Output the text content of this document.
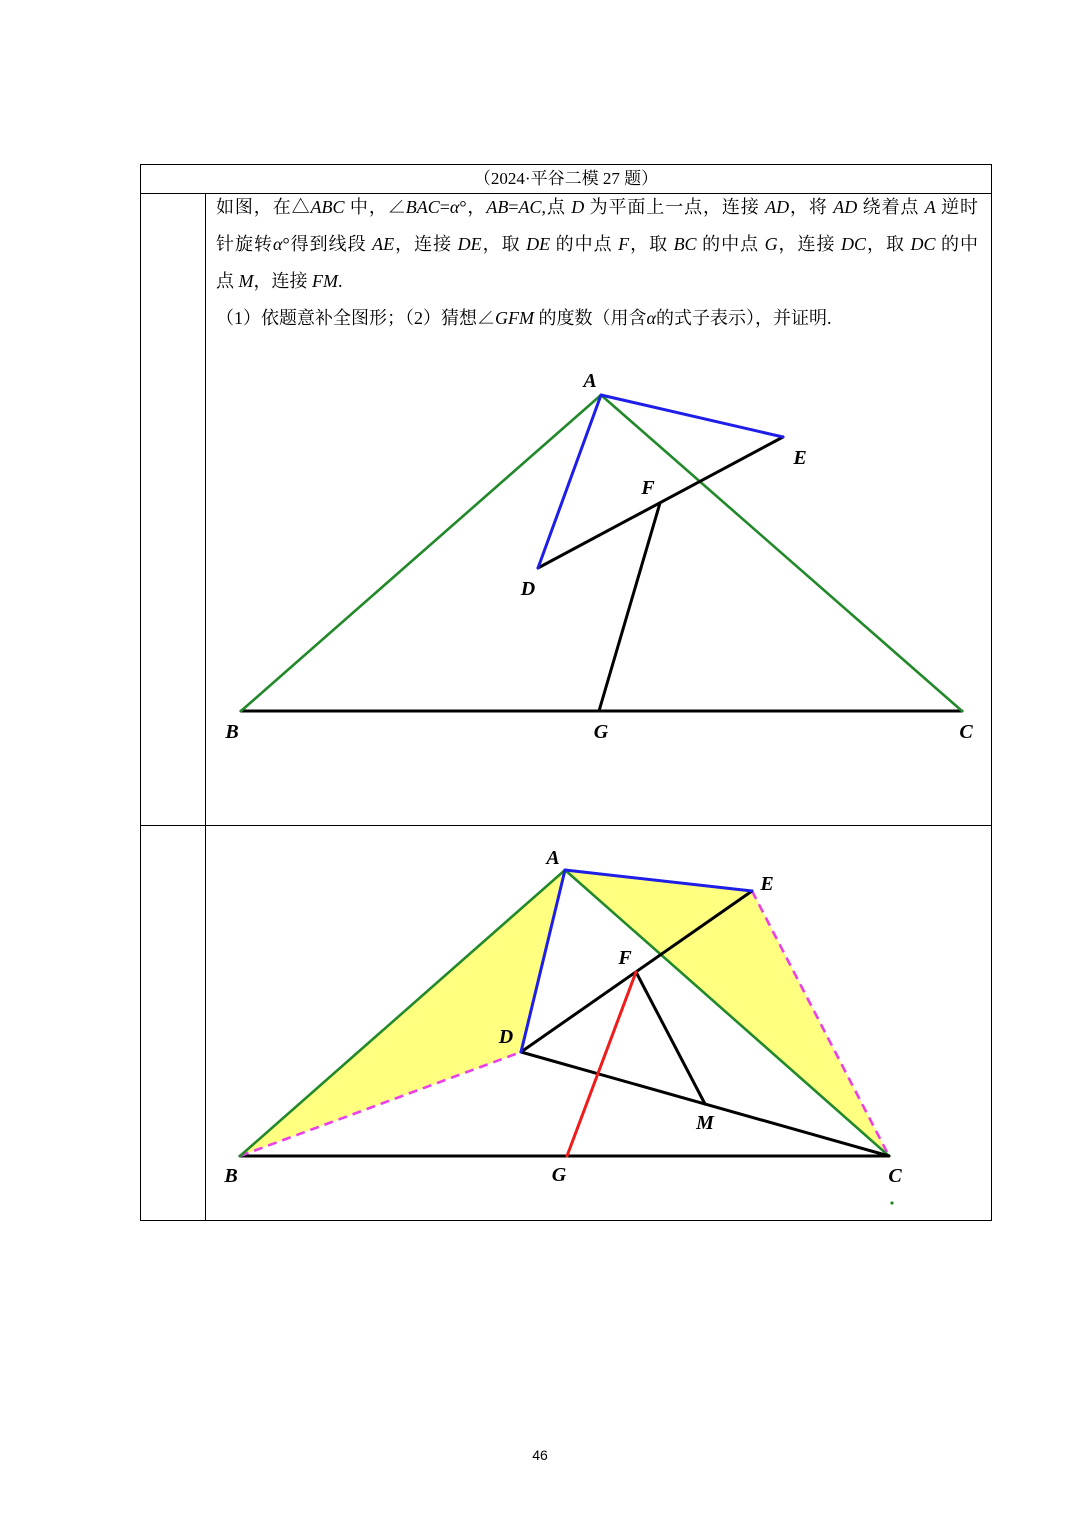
（2024·平谷二模 27 题）
如图，在△ABC 中，∠BAC=α°，AB=AC,点 D 为平面上一点，连接 AD，将 AD 绕着点 A 逆时
针旋转α°得到线段 AE，连接 DE，取 DE 的中点 F，取 BC 的中点 G，连接 DC，取 DC 的中
点 M，连接 FM.
（1）依题意补全图形；（2）猜想∠GFM 的度数（用含α的式子表示），并证明.
A
E
F
D
B	G	C
A
E
F
D
M
B	G	C
46
